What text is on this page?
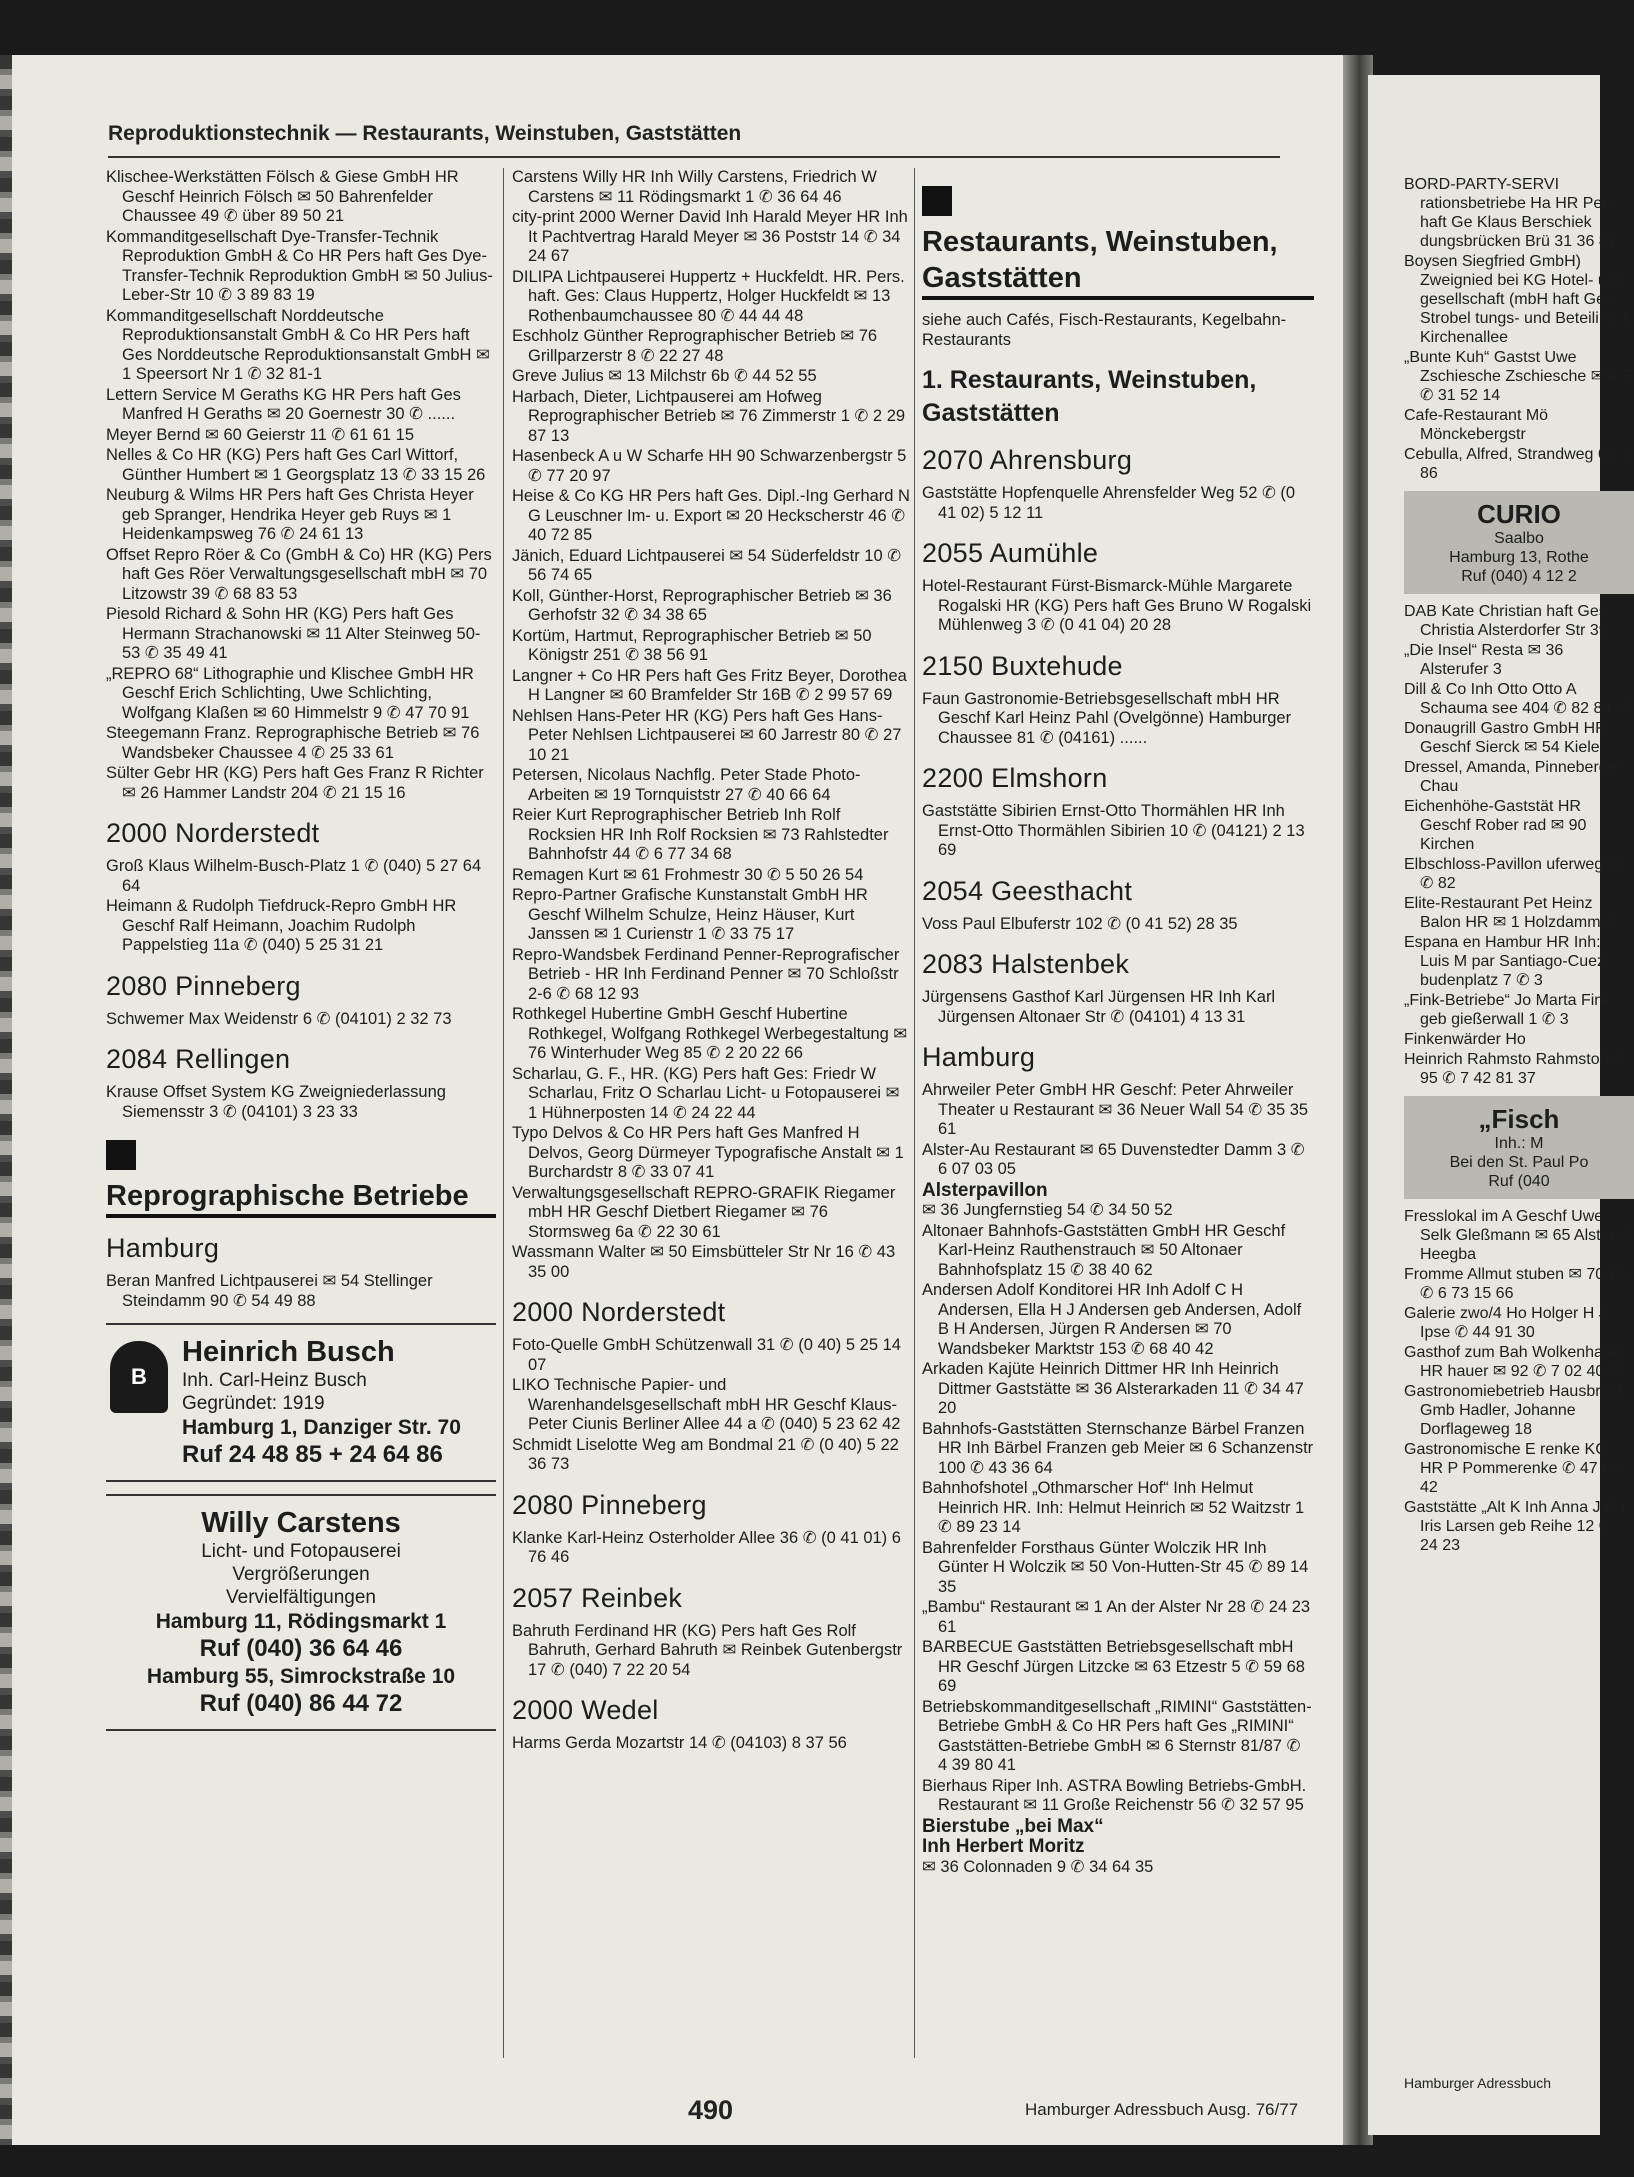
BORD-PARTY-SERVI rationsbetriebe Ha HR Pers haft Ge Klaus Berschiek dungsbrücken Brü 31 36 87
Boysen Siegfried GmbH) Zweignied bei KG Hotel- und gesellschaft (mbH haft Ges Strobel tungs- und Beteili ✉ 1 Kirchenallee
„Bunte Kuh“ Gastst Uwe Zschiesche Zschiesche ✉ 4 F ✆ 31 52 14
Cafe-Restaurant Mö Mönckebergstr
Cebulla, Alfred, Strandweg 65 ✆ 86
CURIO
Saalbo
Hamburg 13, Rothe
Ruf (040) 4 12 2
DAB Kate Christian haft Ges Christia Alsterdorfer Str 39
„Die Insel“ Resta ✉ 36 Alsterufer 3
Dill & Co Inh Otto Otto A Schauma see 404 ✆ 82 84 43
Donaugrill Gastro GmbH HR Geschf Sierck ✉ 54 Kiele
Dressel, Amanda, Pinneberger Chau
Eichenhöhe-Gaststät HR Geschf Rober rad ✉ 90 Kirchen
Elbschloss-Pavillon uferweg 80 ✆ 82
Elite-Restaurant Pet Heinz Balon HR ✉ 1 Holzdamm 4
Espana en Hambur HR Inh: Luis M par Santiago-Cuez budenplatz 7 ✆ 3
„Fink-Betriebe“ Jo Marta Fink geb gießerwall 1 ✆ 3
Finkenwärder Ho
Heinrich Rahmsto Rahmstorf ✉ 95 ✆ 7 42 81 37
„Fisch
Inh.: M
Bei den St. Paul Po
Ruf (040
Fresslokal im A Geschf Uwe Selk Gleßmann ✉ 65 Alstertal Heegba
Fromme Allmut stuben ✉ 70 Da ✆ 6 73 15 66
Galerie zwo/4 Ho Holger H J Ipse ✆ 44 91 30
Gasthof zum Bah Wolkenhauer HR hauer ✉ 92 ✆ 7 02 40 17
Gastronomiebetrieb Hausbruch Gmb Hadler, Johanne Dorflageweg 18
Gastronomische E renke KG HR P Pommerenke ✆ 47 00 42
Gaststätte „Alt K Inh Anna J C I Iris Larsen geb Reihe 12 ✆ 24 23
Hamburger Adressbuch
Reproduktionstechnik — Restaurants, Weinstuben, Gaststätten
Klischee-Werkstätten Fölsch & Giese GmbH HR Geschf Heinrich Fölsch ✉ 50 Bahrenfelder Chaussee 49 ✆ über 89 50 21
Kommanditgesellschaft Dye-Transfer-Technik Reproduktion GmbH & Co HR Pers haft Ges Dye-Transfer-Technik Reproduktion GmbH ✉ 50 Julius-Leber-Str 10 ✆ 3 89 83 19
Kommanditgesellschaft Norddeutsche Reproduktionsanstalt GmbH & Co HR Pers haft Ges Norddeutsche Reproduktionsanstalt GmbH ✉ 1 Speersort Nr 1 ✆ 32 81-1
Lettern Service M Geraths KG HR Pers haft Ges Manfred H Geraths ✉ 20 Goernestr 30 ✆ ......
Meyer Bernd ✉ 60 Geierstr 11 ✆ 61 61 15
Nelles & Co HR (KG) Pers haft Ges Carl Wittorf, Günther Humbert ✉ 1 Georgsplatz 13 ✆ 33 15 26
Neuburg & Wilms HR Pers haft Ges Christa Heyer geb Spranger, Hendrika Heyer geb Ruys ✉ 1 Heidenkampsweg 76 ✆ 24 61 13
Offset Repro Röer & Co (GmbH & Co) HR (KG) Pers haft Ges Röer Verwaltungsgesellschaft mbH ✉ 70 Litzowstr 39 ✆ 68 83 53
Piesold Richard & Sohn HR (KG) Pers haft Ges Hermann Strachanowski ✉ 11 Alter Steinweg 50-53 ✆ 35 49 41
„REPRO 68“ Lithographie und Klischee GmbH HR Geschf Erich Schlichting, Uwe Schlichting, Wolfgang Klaßen ✉ 60 Himmelstr 9 ✆ 47 70 91
Steegemann Franz. Reprographische Betrieb ✉ 76 Wandsbeker Chaussee 4 ✆ 25 33 61
Sülter Gebr HR (KG) Pers haft Ges Franz R Richter ✉ 26 Hammer Landstr 204 ✆ 21 15 16
2000 Norderstedt
Groß Klaus Wilhelm-Busch-Platz 1 ✆ (040) 5 27 64 64
Heimann & Rudolph Tiefdruck-Repro GmbH HR Geschf Ralf Heimann, Joachim Rudolph Pappelstieg 11a ✆ (040) 5 25 31 21
2080 Pinneberg
Schwemer Max Weidenstr 6 ✆ (04101) 2 32 73
2084 Rellingen
Krause Offset System KG Zweigniederlassung Siemensstr 3 ✆ (04101) 3 23 33
Reprographische Betriebe
Hamburg
Beran Manfred Lichtpauserei ✉ 54 Stellinger Steindamm 90 ✆ 54 49 88
B
Heinrich Busch
Inh. Carl-Heinz Busch
Gegründet: 1919
Hamburg 1, Danziger Str. 70
Ruf 24 48 85 + 24 64 86
Willy Carstens
Licht- und Fotopauserei
Vergrößerungen
Vervielfältigungen
Hamburg 11, Rödingsmarkt 1
Ruf (040) 36 64 46
Hamburg 55, Simrockstraße 10
Ruf (040) 86 44 72
Carstens Willy HR Inh Willy Carstens, Friedrich W Carstens ✉ 11 Rödingsmarkt 1 ✆ 36 64 46
city-print 2000 Werner David Inh Harald Meyer HR Inh It Pachtvertrag Harald Meyer ✉ 36 Poststr 14 ✆ 34 24 67
DILIPA Lichtpauserei Huppertz + Huckfeldt. HR. Pers. haft. Ges: Claus Huppertz, Holger Huckfeldt ✉ 13 Rothenbaumchaussee 80 ✆ 44 44 48
Eschholz Günther Reprographischer Betrieb ✉ 76 Grillparzerstr 8 ✆ 22 27 48
Greve Julius ✉ 13 Milchstr 6b ✆ 44 52 55
Harbach, Dieter, Lichtpauserei am Hofweg Reprographischer Betrieb ✉ 76 Zimmerstr 1 ✆ 2 29 87 13
Hasenbeck A u W Scharfe HH 90 Schwarzenbergstr 5 ✆ 77 20 97
Heise & Co KG HR Pers haft Ges. Dipl.-Ing Gerhard N G Leuschner Im- u. Export ✉ 20 Heckscherstr 46 ✆ 40 72 85
Jänich, Eduard Lichtpauserei ✉ 54 Süderfeldstr 10 ✆ 56 74 65
Koll, Günther-Horst, Reprographischer Betrieb ✉ 36 Gerhofstr 32 ✆ 34 38 65
Kortüm, Hartmut, Reprographischer Betrieb ✉ 50 Königstr 251 ✆ 38 56 91
Langner + Co HR Pers haft Ges Fritz Beyer, Dorothea H Langner ✉ 60 Bramfelder Str 16B ✆ 2 99 57 69
Nehlsen Hans-Peter HR (KG) Pers haft Ges Hans-Peter Nehlsen Lichtpauserei ✉ 60 Jarrestr 80 ✆ 27 10 21
Petersen, Nicolaus Nachflg. Peter Stade Photo-Arbeiten ✉ 19 Tornquiststr 27 ✆ 40 66 64
Reier Kurt Reprographischer Betrieb Inh Rolf Rocksien HR Inh Rolf Rocksien ✉ 73 Rahlstedter Bahnhofstr 44 ✆ 6 77 34 68
Remagen Kurt ✉ 61 Frohmestr 30 ✆ 5 50 26 54
Repro-Partner Grafische Kunstanstalt GmbH HR Geschf Wilhelm Schulze, Heinz Häuser, Kurt Janssen ✉ 1 Curienstr 1 ✆ 33 75 17
Repro-Wandsbek Ferdinand Penner-Reprografischer Betrieb - HR Inh Ferdinand Penner ✉ 70 Schloßstr 2-6 ✆ 68 12 93
Rothkegel Hubertine GmbH Geschf Hubertine Rothkegel, Wolfgang Rothkegel Werbegestaltung ✉ 76 Winterhuder Weg 85 ✆ 2 20 22 66
Scharlau, G. F., HR. (KG) Pers haft Ges: Friedr W Scharlau, Fritz O Scharlau Licht- u Fotopauserei ✉ 1 Hühnerposten 14 ✆ 24 22 44
Typo Delvos & Co HR Pers haft Ges Manfred H Delvos, Georg Dürmeyer Typografische Anstalt ✉ 1 Burchardstr 8 ✆ 33 07 41
Verwaltungsgesellschaft REPRO-GRAFIK Riegamer mbH HR Geschf Dietbert Riegamer ✉ 76 Stormsweg 6a ✆ 22 30 61
Wassmann Walter ✉ 50 Eimsbütteler Str Nr 16 ✆ 43 35 00
2000 Norderstedt
Foto-Quelle GmbH Schützenwall 31 ✆ (0 40) 5 25 14 07
LIKO Technische Papier- und Warenhandelsgesellschaft mbH HR Geschf Klaus-Peter Ciunis Berliner Allee 44 a ✆ (040) 5 23 62 42
Schmidt Liselotte Weg am Bondmal 21 ✆ (0 40) 5 22 36 73
2080 Pinneberg
Klanke Karl-Heinz Osterholder Allee 36 ✆ (0 41 01) 6 76 46
2057 Reinbek
Bahruth Ferdinand HR (KG) Pers haft Ges Rolf Bahruth, Gerhard Bahruth ✉ Reinbek Gutenbergstr 17 ✆ (040) 7 22 20 54
2000 Wedel
Harms Gerda Mozartstr 14 ✆ (04103) 8 37 56
Restaurants, Weinstuben, Gaststätten
siehe auch Cafés, Fisch-Restaurants, Kegelbahn-Restaurants
1. Restaurants, Weinstuben, Gaststätten
2070 Ahrensburg
Gaststätte Hopfenquelle Ahrensfelder Weg 52 ✆ (0 41 02) 5 12 11
2055 Aumühle
Hotel-Restaurant Fürst-Bismarck-Mühle Margarete Rogalski HR (KG) Pers haft Ges Bruno W Rogalski Mühlenweg 3 ✆ (0 41 04) 20 28
2150 Buxtehude
Faun Gastronomie-Betriebsgesellschaft mbH HR Geschf Karl Heinz Pahl (Ovelgönne) Hamburger Chaussee 81 ✆ (04161) ......
2200 Elmshorn
Gaststätte Sibirien Ernst-Otto Thormählen HR Inh Ernst-Otto Thormählen Sibirien 10 ✆ (04121) 2 13 69
2054 Geesthacht
Voss Paul Elbuferstr 102 ✆ (0 41 52) 28 35
2083 Halstenbek
Jürgensens Gasthof Karl Jürgensen HR Inh Karl Jürgensen Altonaer Str ✆ (04101) 4 13 31
Hamburg
Ahrweiler Peter GmbH HR Geschf: Peter Ahrweiler Theater u Restaurant ✉ 36 Neuer Wall 54 ✆ 35 35 61
Alster-Au Restaurant ✉ 65 Duvenstedter Damm 3 ✆ 6 07 03 05
Alsterpavillon
✉ 36 Jungfernstieg 54 ✆ 34 50 52
Altonaer Bahnhofs-Gaststätten GmbH HR Geschf Karl-Heinz Rauthenstrauch ✉ 50 Altonaer Bahnhofsplatz 15 ✆ 38 40 62
Andersen Adolf Konditorei HR Inh Adolf C H Andersen, Ella H J Andersen geb Andersen, Adolf B H Andersen, Jürgen R Andersen ✉ 70 Wandsbeker Marktstr 153 ✆ 68 40 42
Arkaden Kajüte Heinrich Dittmer HR Inh Heinrich Dittmer Gaststätte ✉ 36 Alsterarkaden 11 ✆ 34 47 20
Bahnhofs-Gaststätten Sternschanze Bärbel Franzen HR Inh Bärbel Franzen geb Meier ✉ 6 Schanzenstr 100 ✆ 43 36 64
Bahnhofshotel „Othmarscher Hof“ Inh Helmut Heinrich HR. Inh: Helmut Heinrich ✉ 52 Waitzstr 1 ✆ 89 23 14
Bahrenfelder Forsthaus Günter Wolczik HR Inh Günter H Wolczik ✉ 50 Von-Hutten-Str 45 ✆ 89 14 35
„Bambu“ Restaurant ✉ 1 An der Alster Nr 28 ✆ 24 23 61
BARBECUE Gaststätten Betriebsgesellschaft mbH HR Geschf Jürgen Litzcke ✉ 63 Etzestr 5 ✆ 59 68 69
Betriebskommanditgesellschaft „RIMINI“ Gaststätten-Betriebe GmbH & Co HR Pers haft Ges „RIMINI“ Gaststätten-Betriebe GmbH ✉ 6 Sternstr 81/87 ✆ 4 39 80 41
Bierhaus Riper Inh. ASTRA Bowling Betriebs-GmbH. Restaurant ✉ 11 Große Reichenstr 56 ✆ 32 57 95
Bierstube „bei Max“
Inh Herbert Moritz
✉ 36 Colonnaden 9 ✆ 34 64 35
490	Hamburger Adressbuch Ausg. 76/77
